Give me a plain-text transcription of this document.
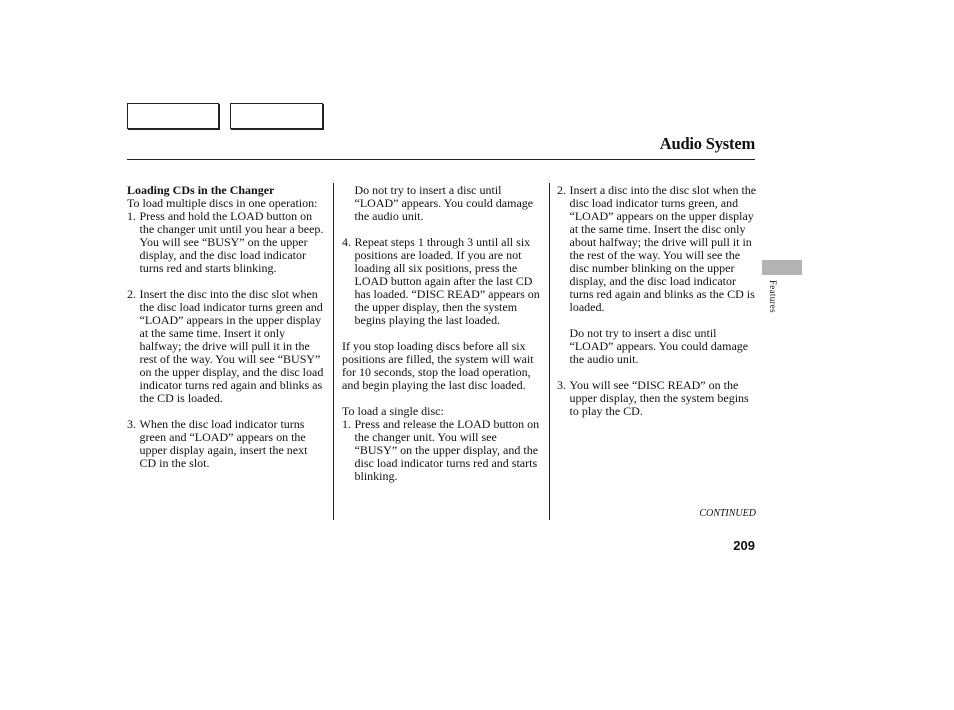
Audio System
Loading CDs in the Changer
To load multiple discs in one operation:
1. Press and hold the LOAD button on the changer unit until you hear a beep. You will see “BUSY” on the upper display, and the disc load indicator turns red and starts blinking.
2. Insert the disc into the disc slot when the disc load indicator turns green and “LOAD” appears in the upper display at the same time. Insert it only halfway; the drive will pull it in the rest of the way. You will see “BUSY” on the upper display, and the disc load indicator turns red again and blinks as the CD is loaded.
3. When the disc load indicator turns green and “LOAD” appears on the upper display again, insert the next CD in the slot.
Do not try to insert a disc until “LOAD” appears. You could damage the audio unit.
4. Repeat steps 1 through 3 until all six positions are loaded. If you are not loading all six positions, press the LOAD button again after the last CD has loaded. “DISC READ” appears on the upper display, then the system begins playing the last loaded.

If you stop loading discs before all six positions are filled, the system will wait for 10 seconds, stop the load operation, and begin playing the last disc loaded.

To load a single disc:
1. Press and release the LOAD button on the changer unit. You will see “BUSY” on the upper display, and the disc load indicator turns red and starts blinking.
2. Insert a disc into the disc slot when the disc load indicator turns green, and “LOAD” appears on the upper display at the same time. Insert the disc only about halfway; the drive will pull it in the rest of the way. You will see the disc number blinking on the upper display, and the disc load indicator turns red again and blinks as the CD is loaded.
Do not try to insert a disc until “LOAD” appears. You could damage the audio unit.
3. You will see “DISC READ” on the upper display, then the system begins to play the CD.
Features
CONTINUED
209
